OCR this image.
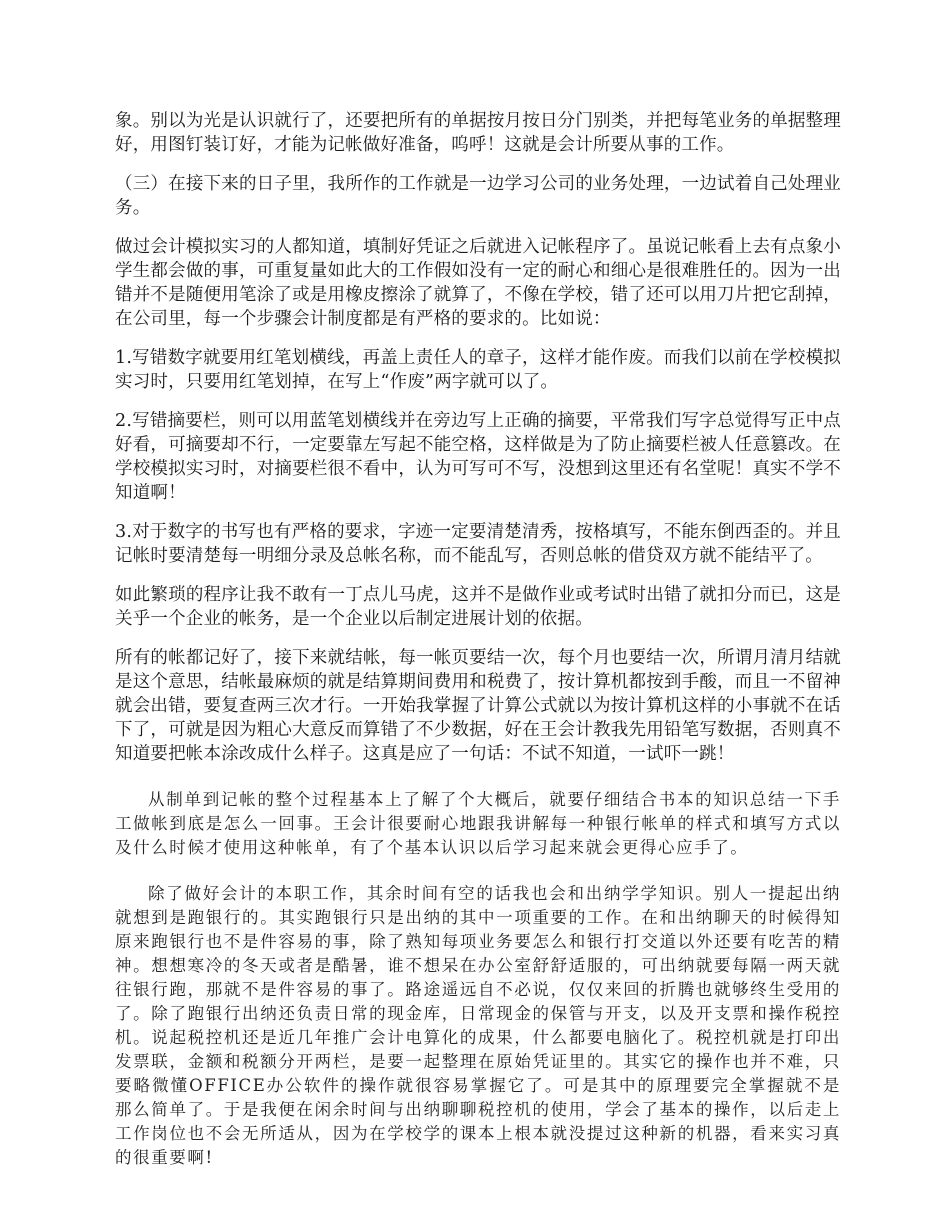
象。别以为光是认识就行了，还要把所有的单据按月按日分门别类，并把每笔业务的单据整理好，用图钉装订好，才能为记帐做好准备，呜呼！这就是会计所要从事的工作。

（三）在接下来的日子里，我所作的工作就是一边学习公司的业务处理，一边试着自己处理业务。

做过会计模拟实习的人都知道，填制好凭证之后就进入记帐程序了。虽说记帐看上去有点象小学生都会做的事，可重复量如此大的工作假如没有一定的耐心和细心是很难胜任的。因为一出错并不是随便用笔涂了或是用橡皮擦涂了就算了，不像在学校，错了还可以用刀片把它刮掉，在公司里，每一个步骤会计制度都是有严格的要求的。比如说：

1.写错数字就要用红笔划横线，再盖上责任人的章子，这样才能作废。而我们以前在学校模拟实习时，只要用红笔划掉，在写上“作废”两字就可以了。

2.写错摘要栏，则可以用蓝笔划横线并在旁边写上正确的摘要，平常我们写字总觉得写正中点好看，可摘要却不行，一定要靠左写起不能空格，这样做是为了防止摘要栏被人任意篡改。在学校模拟实习时，对摘要栏很不看中，认为可写可不写，没想到这里还有名堂呢！真实不学不知道啊！

3.对于数字的书写也有严格的要求，字迹一定要清楚清秀，按格填写，不能东倒西歪的。并且记帐时要清楚每一明细分录及总帐名称，而不能乱写，否则总帐的借贷双方就不能结平了。

如此繁琐的程序让我不敢有一丁点儿马虎，这并不是做作业或考试时出错了就扣分而已，这是关乎一个企业的帐务，是一个企业以后制定进展计划的依据。

所有的帐都记好了，接下来就结帐，每一帐页要结一次，每个月也要结一次，所谓月清月结就是这个意思，结帐最麻烦的就是结算期间费用和税费了，按计算机都按到手酸，而且一不留神就会出错，要复查两三次才行。一开始我掌握了计算公式就以为按计算机这样的小事就不在话下了，可就是因为粗心大意反而算错了不少数据，好在王会计教我先用铅笔写数据，否则真不知道要把帐本涂改成什么样子。这真是应了一句话：不试不知道，一试吓一跳！

从制单到记帐的整个过程基本上了解了个大概后，就要仔细结合书本的知识总结一下手工做帐到底是怎么一回事。王会计很要耐心地跟我讲解每一种银行帐单的样式和填写方式以及什么时候才使用这种帐单，有了个基本认识以后学习起来就会更得心应手了。

除了做好会计的本职工作，其余时间有空的话我也会和出纳学学知识。别人一提起出纳就想到是跑银行的。其实跑银行只是出纳的其中一项重要的工作。在和出纳聊天的时候得知原来跑银行也不是件容易的事，除了熟知每项业务要怎么和银行打交道以外还要有吃苦的精神。想想寒冷的冬天或者是酷暑，谁不想呆在办公室舒舒适服的，可出纳就要每隔一两天就往银行跑，那就不是件容易的事了。路途遥远自不必说，仅仅来回的折腾也就够终生受用的了。除了跑银行出纳还负责日常的现金库，日常现金的保管与开支，以及开支票和操作税控机。说起税控机还是近几年推广会计电算化的成果，什么都要电脑化了。税控机就是打印出发票联，金额和税额分开两栏，是要一起整理在原始凭证里的。其实它的操作也并不难，只要略微懂OFFICE办公软件的操作就很容易掌握它了。可是其中的原理要完全掌握就不是那么简单了。于是我便在闲余时间与出纳聊聊税控机的使用，学会了基本的操作，以后走上工作岗位也不会无所适从，因为在学校学的课本上根本就没提过这种新的机器，看来实习真的很重要啊!
